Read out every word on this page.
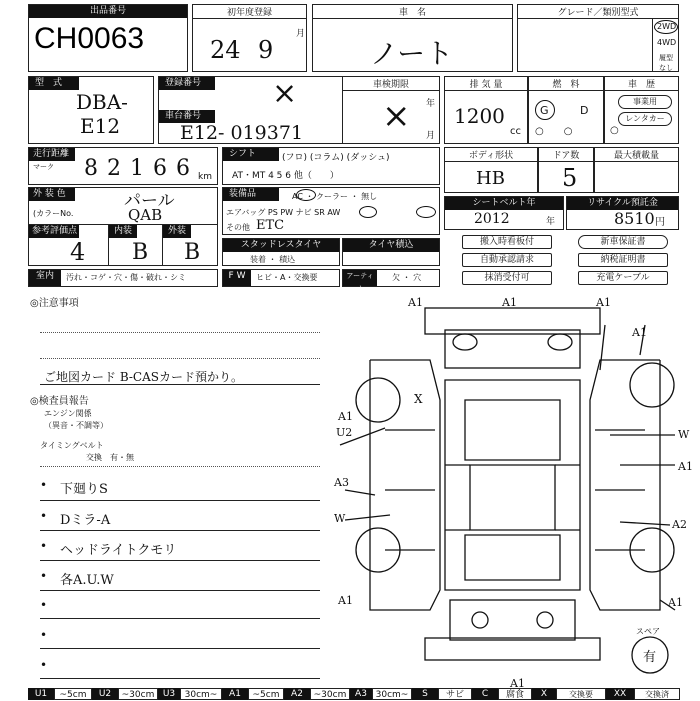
出品番号
CH0063
初年度登録
24 9
月
車　名
ノート
グレード／類別型式
2WD
4WD
履型
なし
型　式
DBA-
E12
登録番号	×
車台番号
E12- 019371
車検期限
× 年
月
排 気 量
1200
cc
燃　料
G	D
○　　○
車　歴
事業用
レンタカー
○
走行距離
マーク 82166 km
シフト	(フロ) (コラム) (ダッシュ)
AT・MT 4 5 6 他（　　）
ボディ形状
HB
ドア数
5
最大積載量
外 装 色
(カラーNo.
パール
QAB
装備品	AC ・ クーラー ・ 無し
エアバッグ PS PW ナビ SR AW
その他 ETC
シートベルト年
2012	年
リサイクル預託金
8510 円
参考評価点
4
内装
B
外装
B	スタッドレスタイヤ
装着 ・ 積込
タイヤ積込	搬入時看板付
自動承認請求
抹消受付可
新車保証書
納税証明書
充電ケーブル
室内	汚れ・コゲ・穴・傷・破れ・シミ	F W	ヒビ・A・交換要	アーティオ
欠 ・ 穴
◎注意事項
ご地図カード B-CASカード預かり。
◎検査員報告
エンジン関係
（異音・不調等）
タイミングベルト
交換　有・無
• 下廻りS
• Dミラ-A
• ヘッドライトクモリ
• 各A.U.W
•
•
•
A1	A1	A1
A1
X
A1
U2
A3
W
W
A1
A2
A1	A1
A1
スペア
有
U1	~5cm	U2	~30cm U3	30cm~	A1	~5cm	A2	~30cm A3 30cm~	S	サビ	C	腐食	X	交換要	XX	交換済
